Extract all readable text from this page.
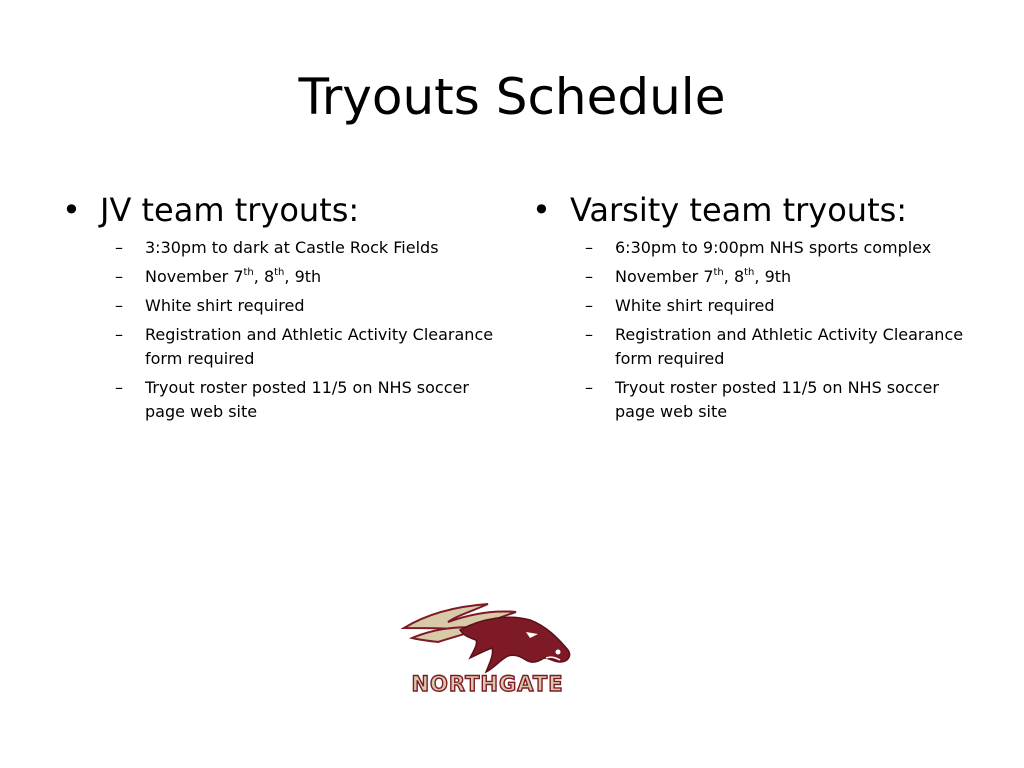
Tryouts Schedule
• JV team tryouts:
– 3:30pm to dark at Castle Rock Fields
– November 7th, 8th, 9th
– White shirt required
– Registration and Athletic Activity Clearance form required
– Tryout roster posted 11/5 on NHS soccer page web site
• Varsity team tryouts:
– 6:30pm to 9:00pm NHS sports complex
– November 7th, 8th, 9th
– White shirt required
– Registration and Athletic Activity Clearance form required
– Tryout roster posted 11/5 on NHS soccer page web site
NORTHGATE
